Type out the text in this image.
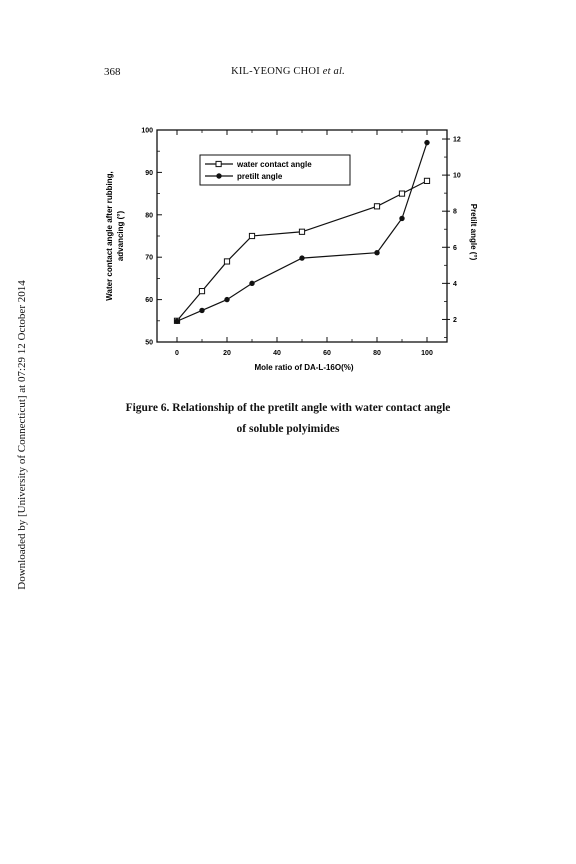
368	KIL-YEONG CHOI et al.
Downloaded by [University of Connecticut] at 07:29 12 October 2014	0	20	40	60	80	100
50
60
70
80
90
100
2
4
6
8
10
12
Mole ratio of DA-L-16O(%)
Water contact angle after rubbing, advancing (°)	Pretilt angle (°)
water contact angle
pretilt angle
Figure 6. Relationship of the pretilt angle with water contact angle
of soluble polyimides
